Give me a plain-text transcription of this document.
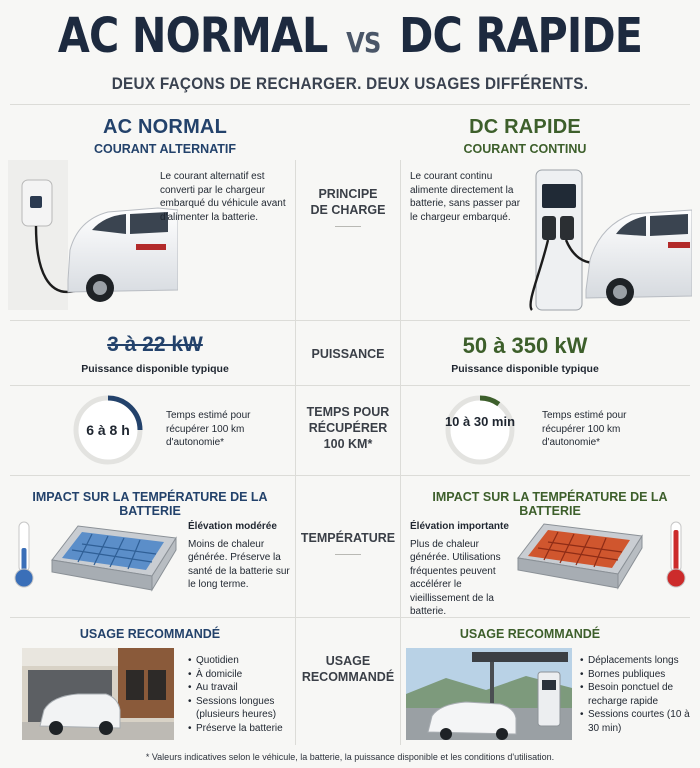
AC NORMAL VS DC RAPIDE
DEUX FAÇONS DE RECHARGER. DEUX USAGES DIFFÉRENTS.
AC NORMAL
COURANT ALTERNATIF
DC RAPIDE
COURANT CONTINU
Le courant alternatif est converti par le chargeur embarqué du véhicule avant d'alimenter la batterie.
PRINCIPE
DE CHARGE
Le courant continu alimente directement la batterie, sans passer par le chargeur embarqué.
3 à 22 kW
Puissance disponible typique
PUISSANCE	50 à 350 kW
Puissance disponible typique
6 à 8 h
Temps estimé pour récupérer 100 km d'autonomie*
TEMPS POUR
RÉCUPÉRER
100 KM*
10 à 30 min	Temps estimé pour récupérer 100 km d'autonomie*
IMPACT SUR LA TEMPÉRATURE DE LA BATTERIE
Élévation modérée
Moins de chaleur générée. Préserve la santé de la batterie sur le long terme.
TEMPÉRATURE
IMPACT SUR LA TEMPÉRATURE DE LA BATTERIE
Élévation importante
Plus de chaleur générée. Utilisations fréquentes peuvent accélérer le vieillissement de la batterie.
USAGE RECOMMANDÉ
• Quotidien
• À domicile
• Au travail
• Sessions longues (plusieurs heures)
• Préserve la batterie
USAGE
RECOMMANDÉ
USAGE RECOMMANDÉ
• Déplacements longs
• Bornes publiques
• Besoin ponctuel de recharge rapide
• Sessions courtes (10 à 30 min)
* Valeurs indicatives selon le véhicule, la batterie, la puissance disponible et les conditions d'utilisation.
